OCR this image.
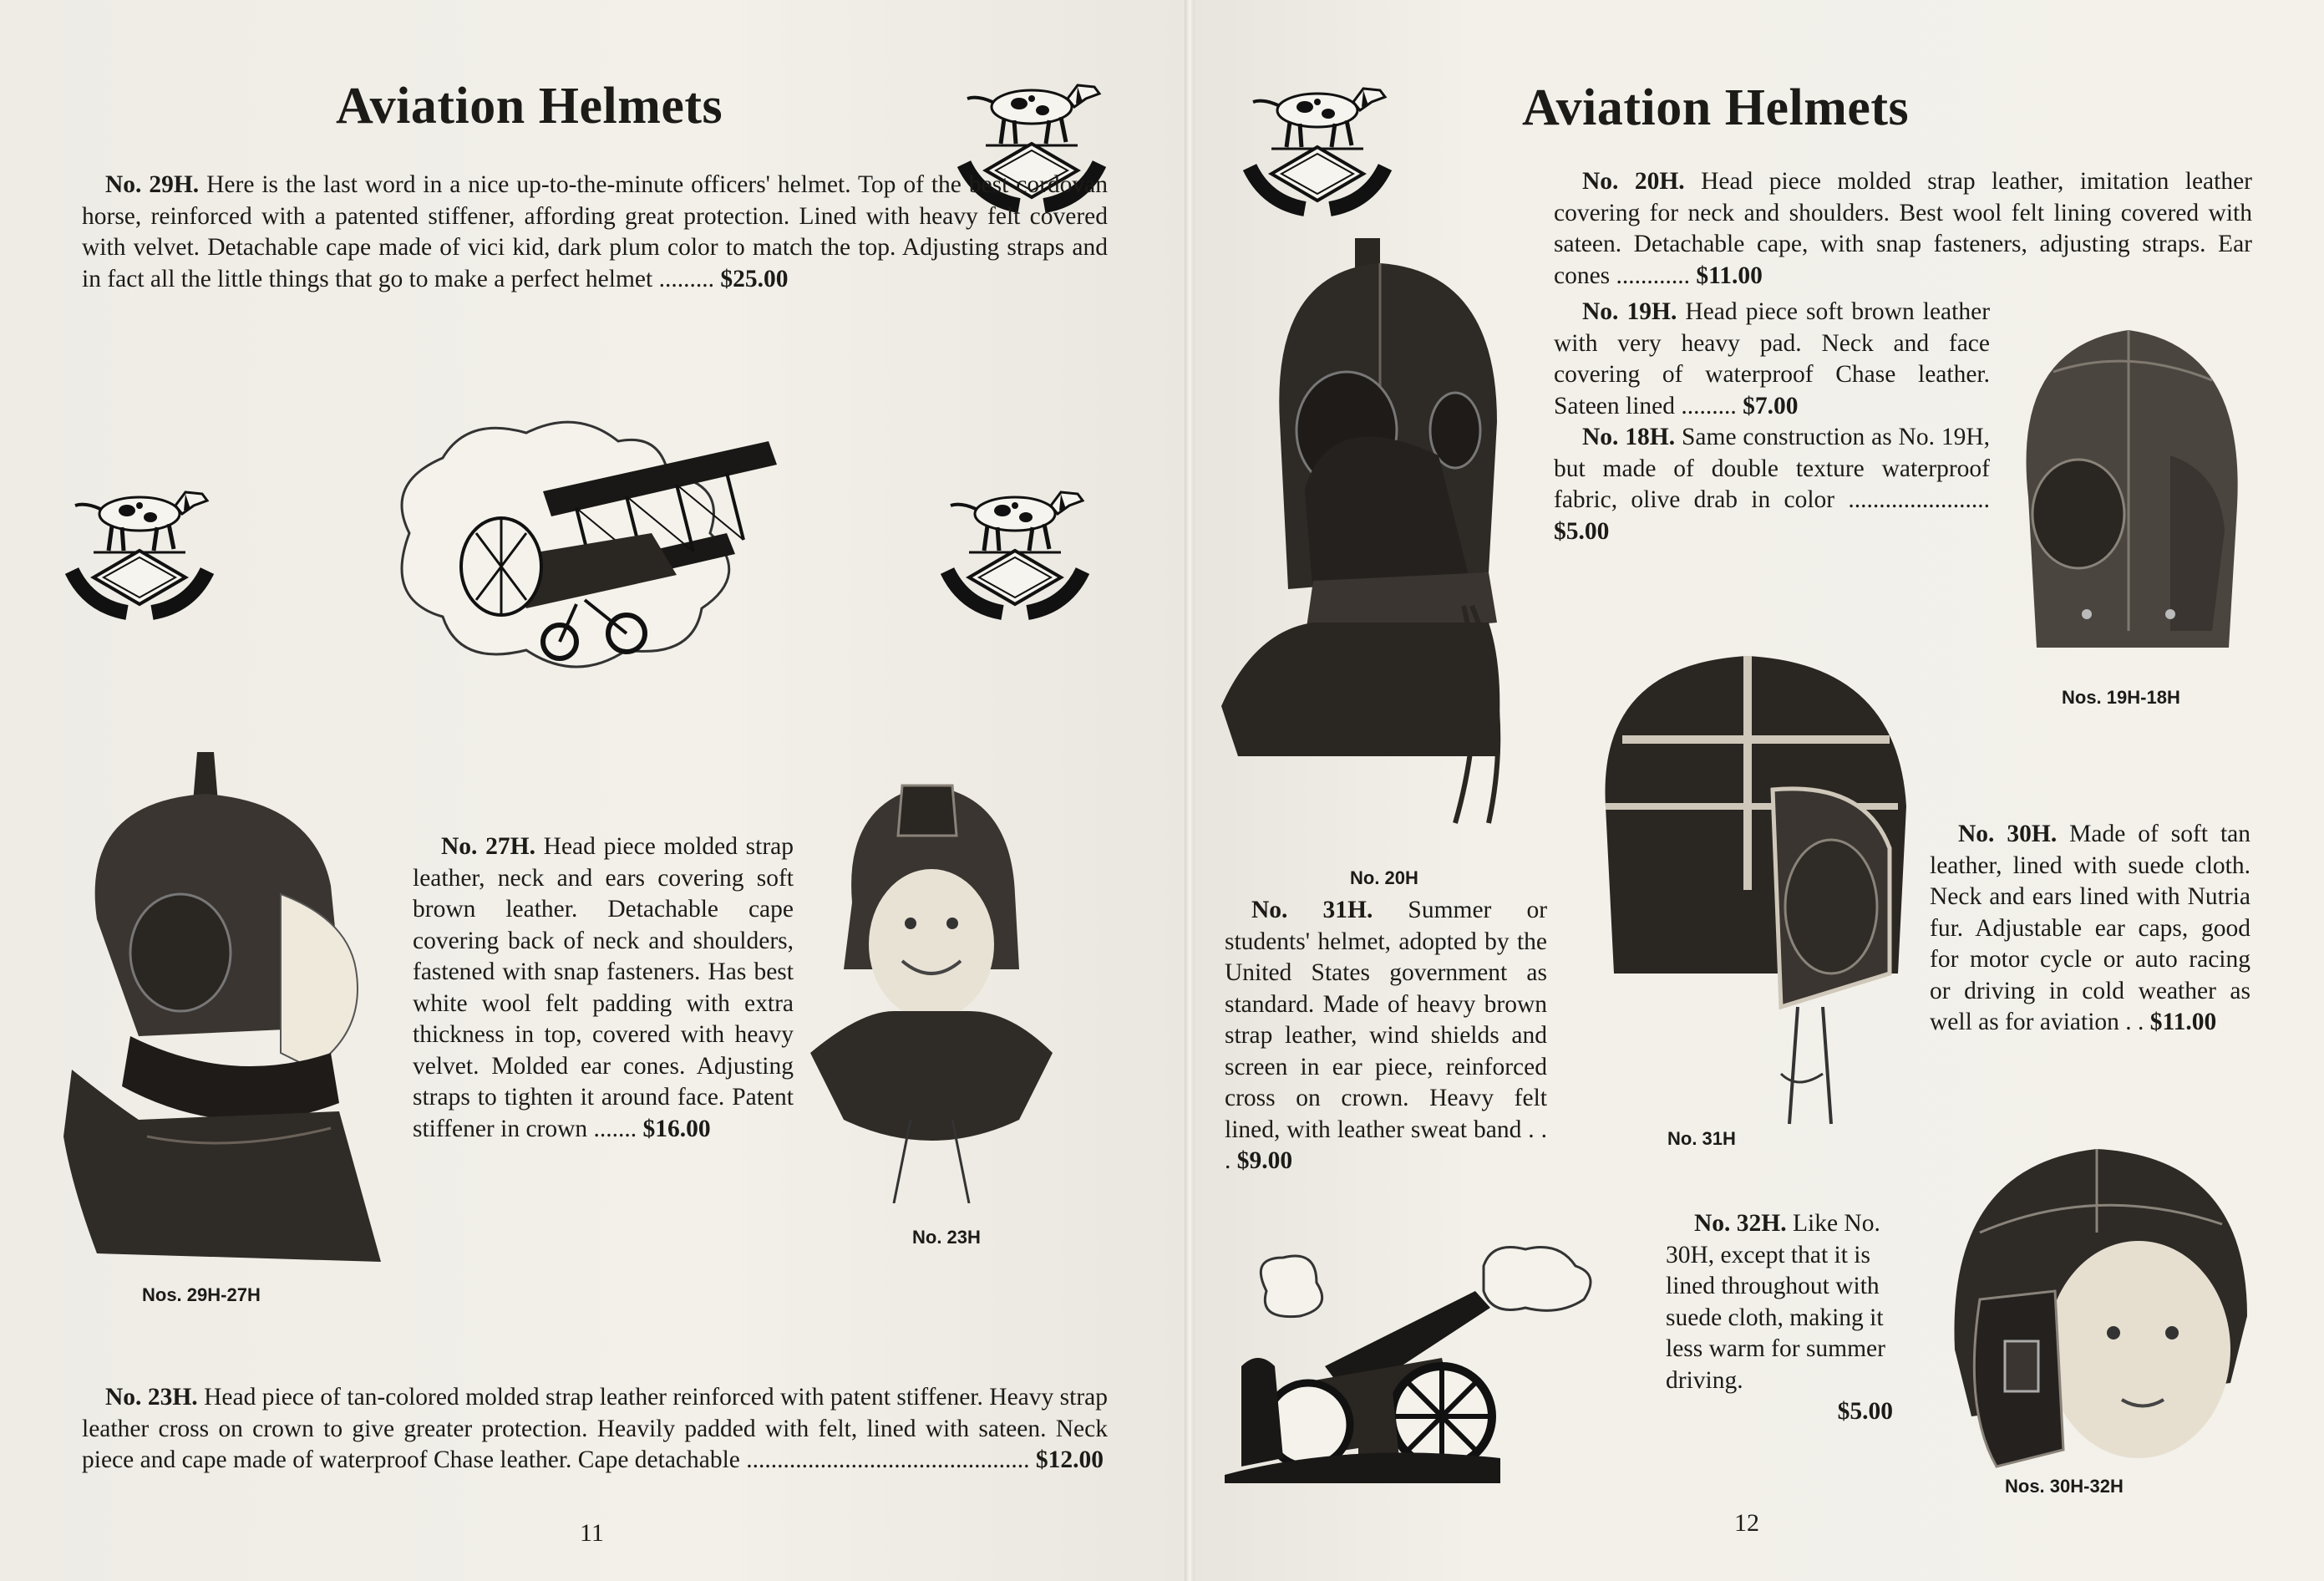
Aviation Helmets
No. 29H. Here is the last word in a nice up-to-the-minute officers' helmet. Top of the best cordovan horse, reinforced with a patented stiffener, affording great protection. Lined with heavy felt covered with velvet. Detachable cape made of vici kid, dark plum color to match the top. Adjusting straps and in fact all the little things that go to make a perfect helmet ......... $25.00
Nos. 29H-27H
No. 27H. Head piece molded strap leather, neck and ears covering soft brown leather. Detachable cape covering back of neck and shoulders, fastened with snap fasteners. Has best white wool felt padding with extra thickness in top, covered with heavy velvet. Molded ear cones. Adjusting straps to tighten it around face. Patent stiffener in crown ....... $16.00
No. 23H
No. 23H. Head piece of tan-colored molded strap leather reinforced with patent stiffener. Heavy strap leather cross on crown to give greater protection. Heavily padded with felt, lined with sateen. Neck piece and cape made of waterproof Chase leather. Cape detachable .............................................. $12.00
11
Aviation Helmets
No. 20H. Head piece molded strap leather, imitation leather covering for neck and shoulders. Best wool felt lining covered with sateen. Detachable cape, with snap fasteners, adjusting straps. Ear cones ............ $11.00
No. 19H. Head piece soft brown leather with very heavy pad. Neck and face covering of waterproof Chase leather. Sateen lined ......... $7.00
No. 18H. Same construction as No. 19H, but made of double texture waterproof fabric, olive drab in color ....................... $5.00
No. 20H
Nos. 19H-18H
No. 31H. Summer or students' helmet, adopted by the United States government as standard. Made of heavy brown strap leather, wind shields and screen in ear piece, reinforced cross on crown. Heavy felt lined, with leather sweat band . . . $9.00
No. 31H
No. 30H. Made of soft tan leather, lined with suede cloth. Neck and ears lined with Nutria fur. Adjustable ear caps, good for motor cycle or auto racing or driving in cold weather as well as for aviation . . $11.00
Nos. 30H-32H
No. 32H. Like No. 30H, except that it is lined throughout with suede cloth, making it less warm for summer driving.
$5.00
12
